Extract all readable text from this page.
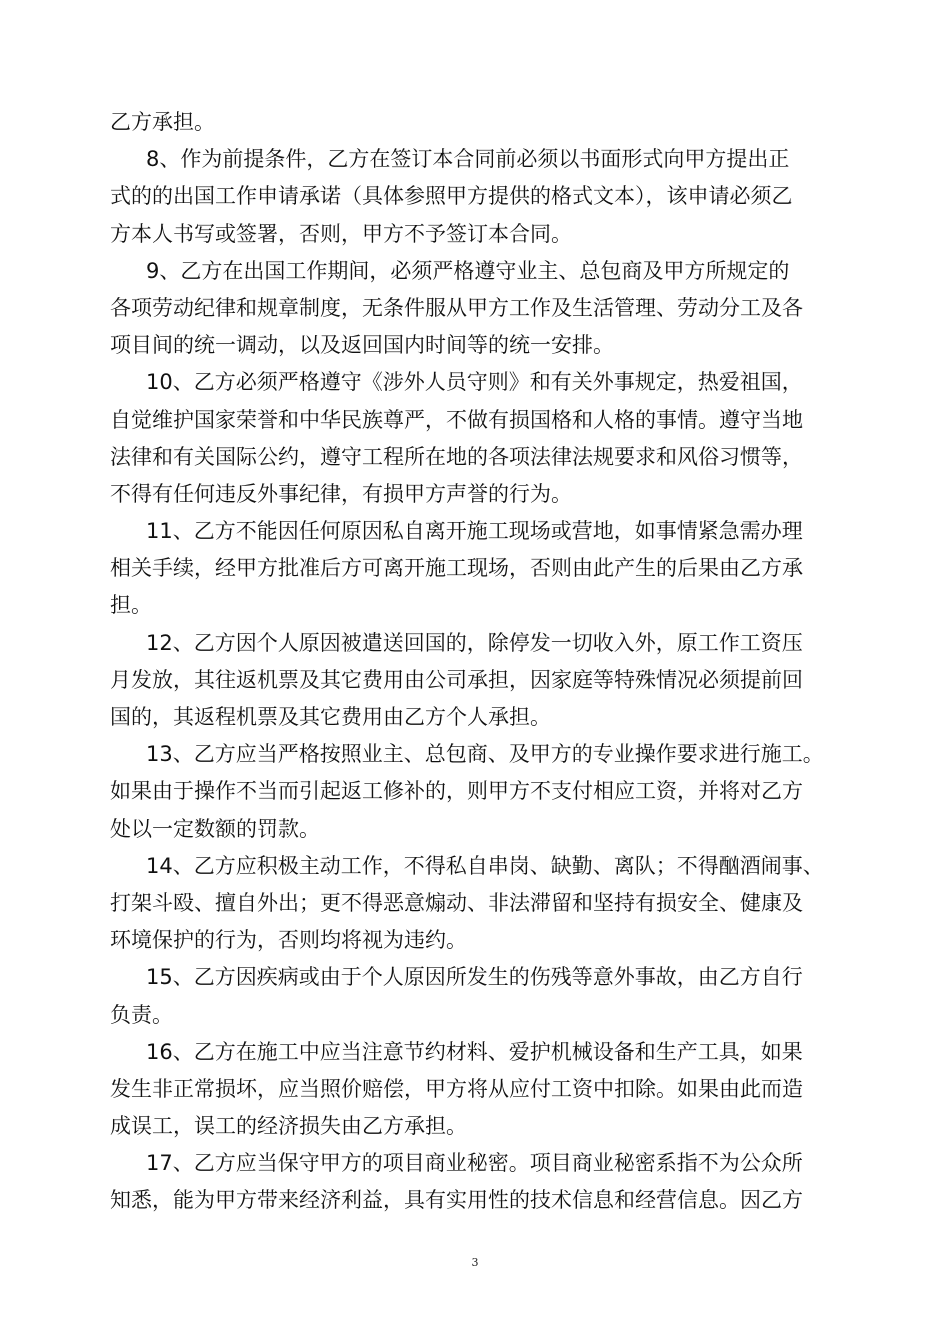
乙方承担。
8、作为前提条件，乙方在签订本合同前必须以书面形式向甲方提出正
式的的出国工作申请承诺（具体参照甲方提供的格式文本），该申请必须乙
方本人书写或签署，否则，甲方不予签订本合同。
9、乙方在出国工作期间，必须严格遵守业主、总包商及甲方所规定的
各项劳动纪律和规章制度，无条件服从甲方工作及生活管理、劳动分工及各
项目间的统一调动，以及返回国内时间等的统一安排。
10、乙方必须严格遵守《涉外人员守则》和有关外事规定，热爱祖国，
自觉维护国家荣誉和中华民族尊严，不做有损国格和人格的事情。遵守当地
法律和有关国际公约，遵守工程所在地的各项法律法规要求和风俗习惯等，
不得有任何违反外事纪律，有损甲方声誉的行为。
11、乙方不能因任何原因私自离开施工现场或营地，如事情紧急需办理
相关手续，经甲方批准后方可离开施工现场，否则由此产生的后果由乙方承
担。
12、乙方因个人原因被遣送回国的，除停发一切收入外，原工作工资压
月发放，其往返机票及其它费用由公司承担，因家庭等特殊情况必须提前回
国的，其返程机票及其它费用由乙方个人承担。
13、乙方应当严格按照业主、总包商、及甲方的专业操作要求进行施工。
如果由于操作不当而引起返工修补的，则甲方不支付相应工资，并将对乙方
处以一定数额的罚款。
14、乙方应积极主动工作，不得私自串岗、缺勤、离队；不得酗酒闹事、
打架斗殴、擅自外出；更不得恶意煽动、非法滞留和坚持有损安全、健康及
环境保护的行为，否则均将视为违约。
15、乙方因疾病或由于个人原因所发生的伤残等意外事故，由乙方自行
负责。
16、乙方在施工中应当注意节约材料、爱护机械设备和生产工具，如果
发生非正常损坏，应当照价赔偿，甲方将从应付工资中扣除。如果由此而造
成误工，误工的经济损失由乙方承担。
17、乙方应当保守甲方的项目商业秘密。项目商业秘密系指不为公众所
知悉，能为甲方带来经济利益，具有实用性的技术信息和经营信息。因乙方
3
